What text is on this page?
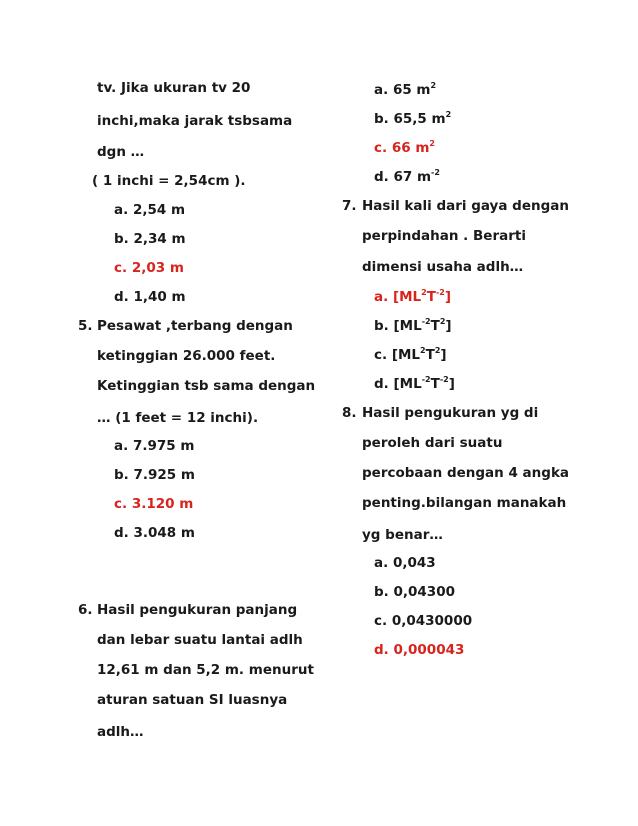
tv. Jika ukuran tv 20
inchi,maka jarak tsbsama
dgn …
( 1 inchi = 2,54cm ).
a. 2,54 m
b. 2,34 m
c. 2,03 m
d. 1,40 m
5. Pesawat ,terbang dengan
ketinggian 26.000 feet.
Ketinggian tsb sama dengan
… (1 feet = 12 inchi).
a. 7.975 m
b. 7.925 m
c. 3.120 m
d. 3.048 m
6. Hasil pengukuran panjang
dan lebar suatu lantai adlh
12,61 m dan 5,2 m. menurut
aturan satuan SI luasnya
adlh…
a. 65 $m^2$
b. 65,5 $m^2$
c. 66 $m^2$
d. 67 $m^{-2}$
7. Hasil kali dari gaya dengan
perpindahan . Berarti
dimensi usaha adlh…
a. $[ML^2T^{-2}]$
b. $[ML^{-2}T^2]$
c. $[ML^2T^2]$
d. $[ML^{-2}T^{-2}]$
8. Hasil pengukuran yg di
peroleh dari suatu
percobaan dengan 4 angka
penting.bilangan manakah
yg benar…
a. 0,043
b. 0,04300
c. 0,0430000
d. 0,000043
